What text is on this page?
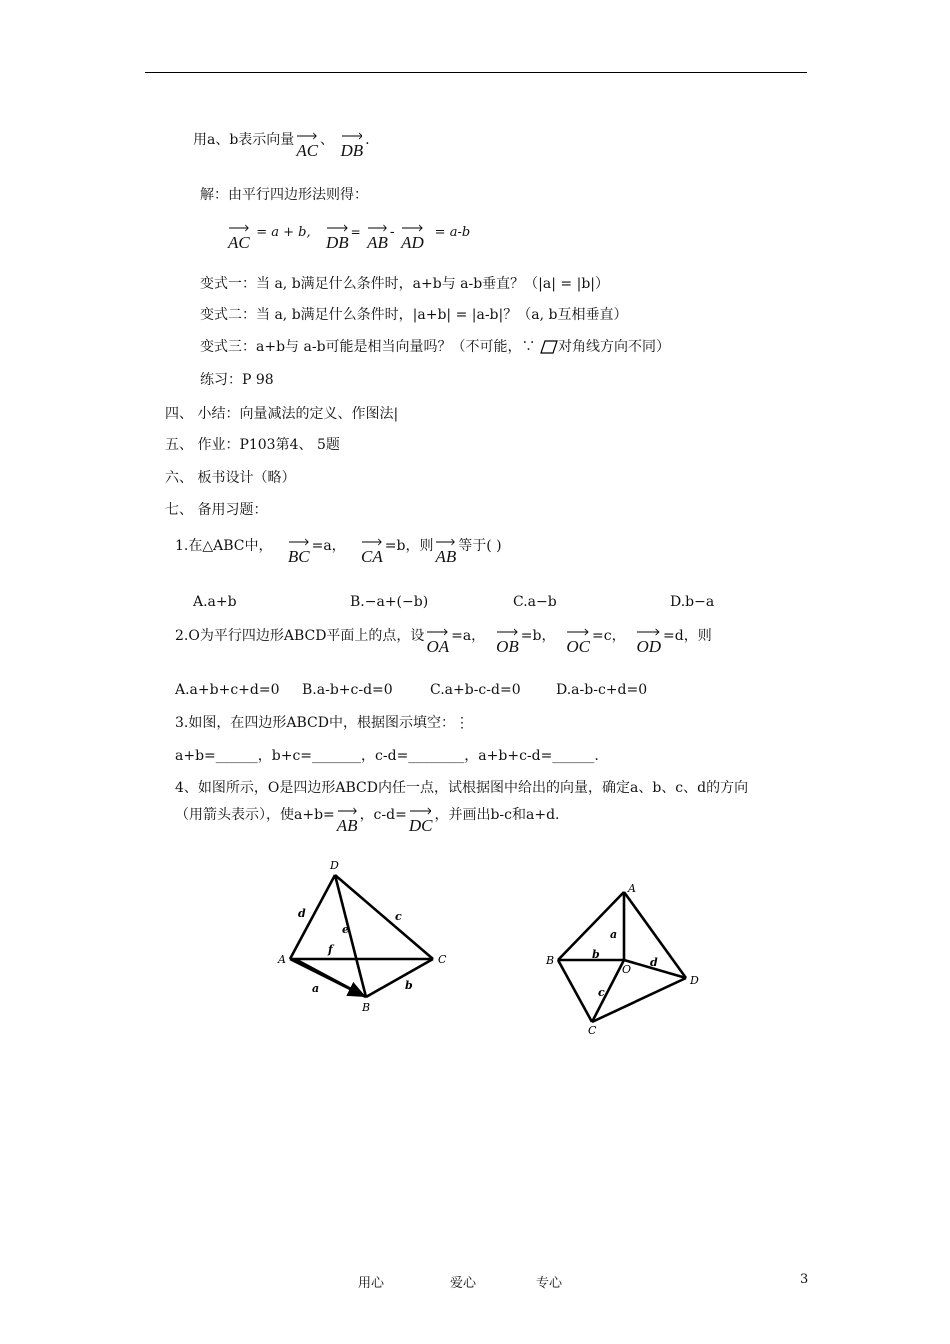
用a、b表示向量
AC、
DB.
解：由平行四边形法则得：
AC = a + b,
DB=
AB-
AD  = a-b
变式一：当 a, b满足什么条件时，a+b与 a-b垂直？（|a| = |b|）
变式二：当 a, b满足什么条件时，|a+b| = |a-b|？（a, b互相垂直）
变式三：a+b与 a-b可能是相当向量吗？（不可能，∵ 对角线方向不同）
练习：P 98
四、 小结：向量减法的定义、作图法|
五、 作业：P103第4、 5题
六、 板书设计（略）
七、 备用习题：
1.在△ABC中，
BC=a，
CA=b，则
AB等于( )
A.a+b	B.−a+(−b)	C.a−b	D.b−a
2.O为平行四边形ABCD平面上的点，设
OA=a，
OB=b，
OC=c，
OD=d，则
A.a+b+c+d=0 B.a-b+c-d=0	C.a+b-c-d=0	D.a-b-c+d=0
3.如图，在四边形ABCD中，根据图示填空：⋮
a+b=______，b+c=_______，c-d=________，a+b+c-d=______.
4、如图所示，O是四边形ABCD内任一点，试根据图中给出的向量，确定a、b、c、d的方向
（用箭头表示），使a+b=
AB，c-d=
DC，并画出b-c和a+d.
A
D
C
B
d	c
e
f
a	b
A
B
C
D
O
a
b
c
d
用心	爱心	专心	3
